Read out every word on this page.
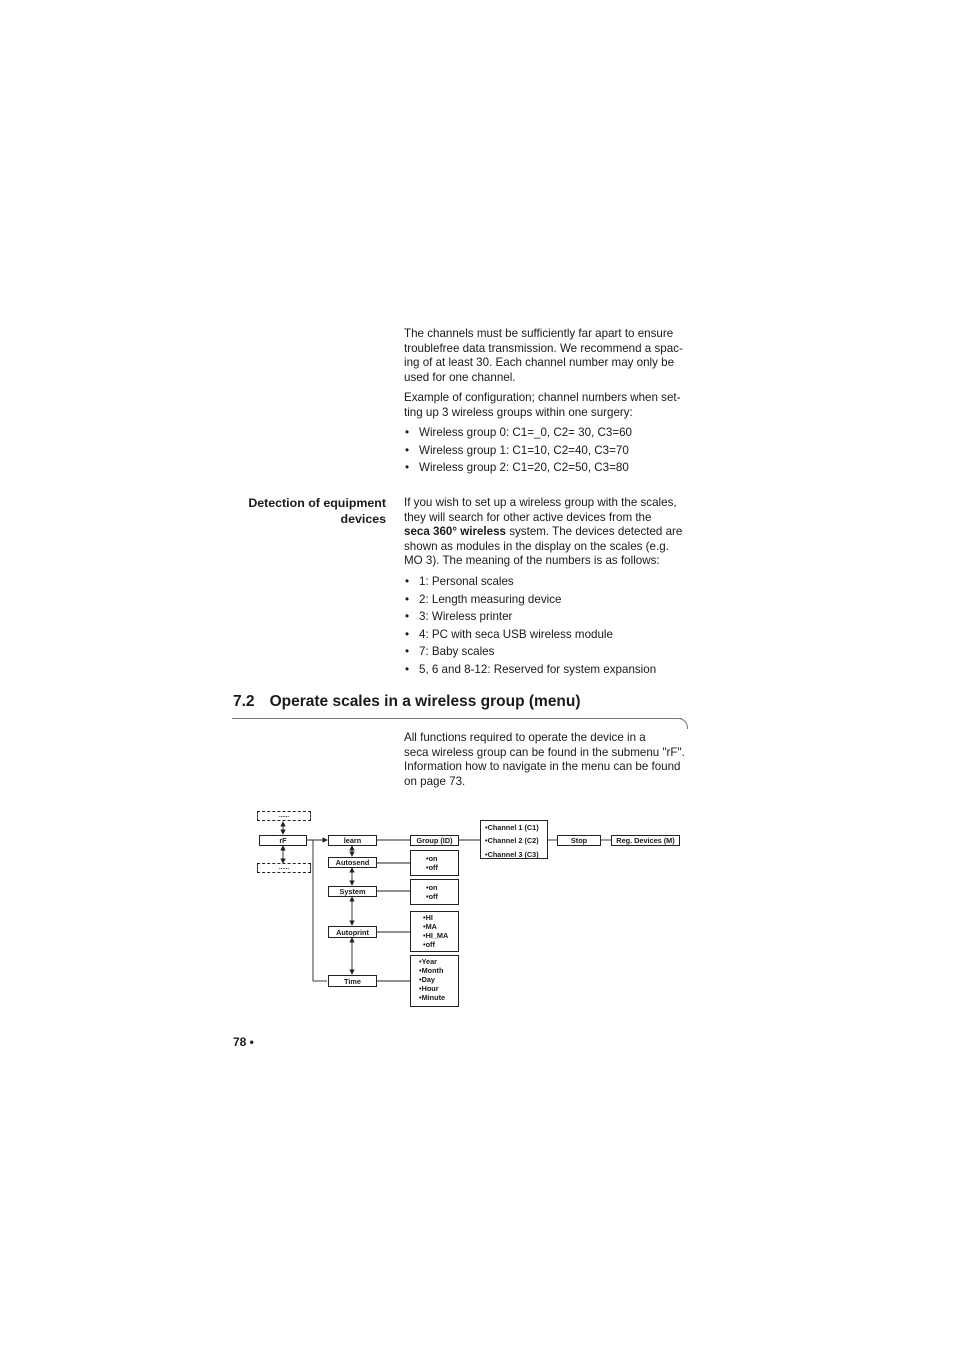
The channels must be sufficiently far apart to ensure

troublefree data transmission. We recommend a spac-

ing of at least 30. Each channel number may only be

used for one channel.

Example of configuration; channel numbers when set-

ting up 3 wireless groups within one surgery:

• Wireless group 0: C1=_0, C2= 30, C3=60
• Wireless group 1: C1=10, C2=40, C3=70
• Wireless group 2: C1=20, C2=50, C3=80
Detection of equipment
devices

If you wish to set up a wireless group with the scales,

they will search for other active devices from the

seca 360° wireless system. The devices detected are

shown as modules in the display on the scales (e.g.

MO 3). The meaning of the numbers is as follows:

• 1: Personal scales
• 2: Length measuring device
• 3: Wireless printer
• 4: PC with seca USB wireless module
• 7: Baby scales
• 5, 6 and 8-12: Reserved for system expansion
7.2 Operate scales in a wireless group (menu)

All functions required to operate the device in a

seca wireless group can be found in the submenu "rF".

Information how to navigate in the menu can be found

on page 73.

......
rF
......
learn
Autosend
System
Autoprint
Time
Group (ID)
• Channel 1 (C1)
• Channel 2 (C2)
• Channel 3 (C3)
Stop	Reg. Devices (M)
• on
• off
• on
• off
• HI
• MA
• HI_MA
• off
• Year
• Month
• Day
• Hour
• Minute
78 •
